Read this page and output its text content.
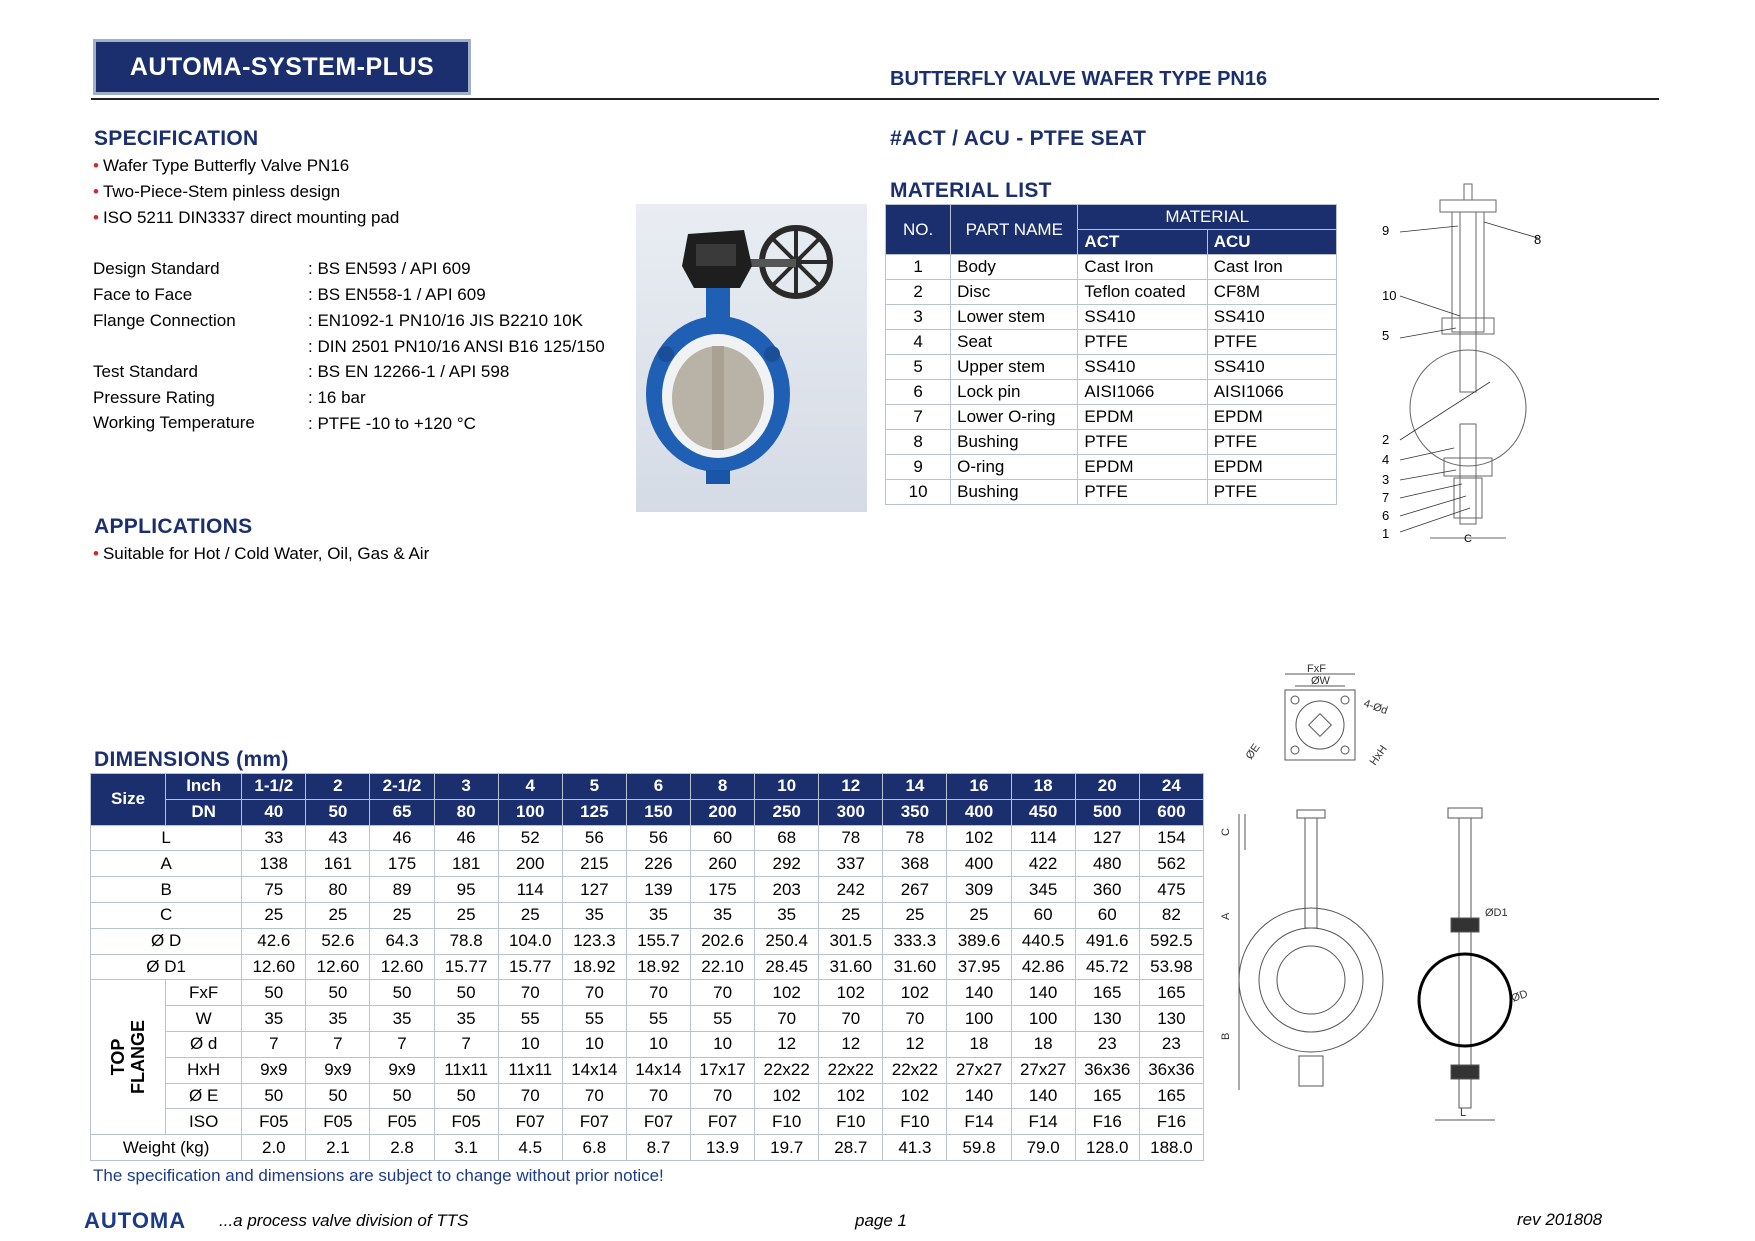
AUTOMA-SYSTEM-PLUS	BUTTERFLY VALVE WAFER TYPE PN16
SPECIFICATION
• Wafer Type Butterfly Valve PN16
• Two-Piece-Stem pinless design
• ISO 5211 DIN3337 direct mounting pad
Design Standard	: BS EN593 / API 609
Face to Face	: BS EN558-1 / API 609
Flange Connection	: EN1092-1 PN10/16 JIS B2210 10K
: DIN 2501 PN10/16 ANSI B16 125/150
Test Standard	: BS EN 12266-1 / API 598
Pressure Rating	: 16 bar
Working Temperature	: PTFE -10 to +120 °C
APPLICATIONS
• Suitable for Hot / Cold Water, Oil, Gas & Air
#ACT / ACU - PTFE SEAT
MATERIAL LIST
NO.	PART NAME	MATERIAL	
		ACT	ACU
1	Body	Cast Iron	Cast Iron
2	Disc	Teflon coated	CF8M
3	Lower stem	SS410	SS410
4	Seat	PTFE	PTFE
5	Upper stem	SS410	SS410
6	Lock pin	AISI1066	AISI1066
7	Lower O-ring	EPDM	EPDM
8	Bushing	PTFE	PTFE
9	O-ring	EPDM	EPDM
10	Bushing	PTFE	PTFE
9
8
10
5
2
4
3
7
6
1	C
DIMENSIONS (mm)
Size	Inch	1-1/2	2	2-1/2	3	4	5	6	8	10	12	14	16	18	20	24
	DN	40	50	65	80	100	125	150	200	250	300	350	400	450	500	600
L		33	43	46	46	52	56	56	60	68	78	78	102	114	127	154
A		138	161	175	181	200	215	226	260	292	337	368	400	422	480	562
B		75	80	89	95	114	127	139	175	203	242	267	309	345	360	475
C		25	25	25	25	25	35	35	35	35	25	25	25	60	60	82
Ø D		42.6	52.6	64.3	78.8	104.0	123.3	155.7	202.6	250.4	301.5	333.3	389.6	440.5	491.6	592.5
Ø D1		12.60	12.60	12.60	15.77	15.77	18.92	18.92	22.10	28.45	31.60	31.60	37.95	42.86	45.72	53.98

TOP FLANGE	FxF	50	50	50	50	70	70	70	70	102	102	102	140	140	165	165
	W	35	35	35	35	55	55	55	55	70	70	70	100	100	130	130
	Ø d	7	7	7	7	10	10	10	10	12	12	12	18	18	23	23
	HxH	9x9	9x9	9x9	11x11	11x11	14x14	14x14	17x17	22x22	22x22	22x22	27x27	27x27	36x36	36x36
	Ø E	50	50	50	50	70	70	70	70	102	102	102	140	140	165	165
	ISO	F05	F05	F05	F05	F07	F07	F07	F07	F10	F10	F10	F14	F14	F16	F16
Weight (kg)		2.0	2.1	2.8	3.1	4.5	6.8	8.7	13.9	19.7	28.7	41.3	59.8	79.0	128.0	188.0
FxF
ØW
4-Ød
ØE	HxH
C
A
B
ØD1
ØD
L
The specification and dimensions are subject to change without prior notice!
AUTOMA ...a process valve division of TTS	page 1	rev 201808
